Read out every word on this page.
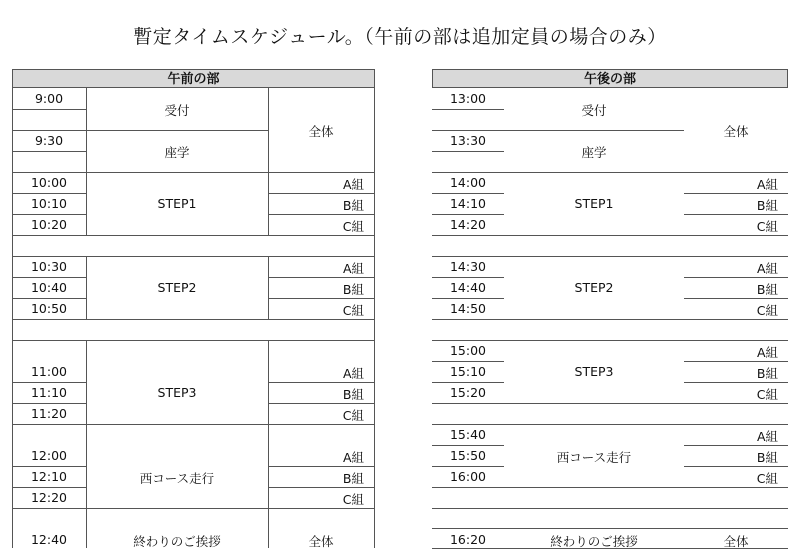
暫定タイムスケジュール。（午前の部は追加定員の場合のみ）
午前の部
9:00
9:30
10:00
10:10
10:20
10:30
10:40
10:50
11:00
11:10
11:20
12:00
12:10
12:20
12:40
受付
座学
STEP1
STEP2
STEP3
西コース走行
終わりのご挨拶
全体
全体
A組
B組
C組
A組
B組
C組
A組
B組
C組
A組
B組
C組
午後の部
13:00
13:30
14:00
14:10
14:20
14:30
14:40
14:50
15:00
15:10
15:20
15:40
15:50
16:00
16:20
受付
座学
STEP1
STEP2
STEP3
西コース走行
終わりのご挨拶
全体
全体
A組
B組
C組
A組
B組
C組
A組
B組
C組
A組
B組
C組
